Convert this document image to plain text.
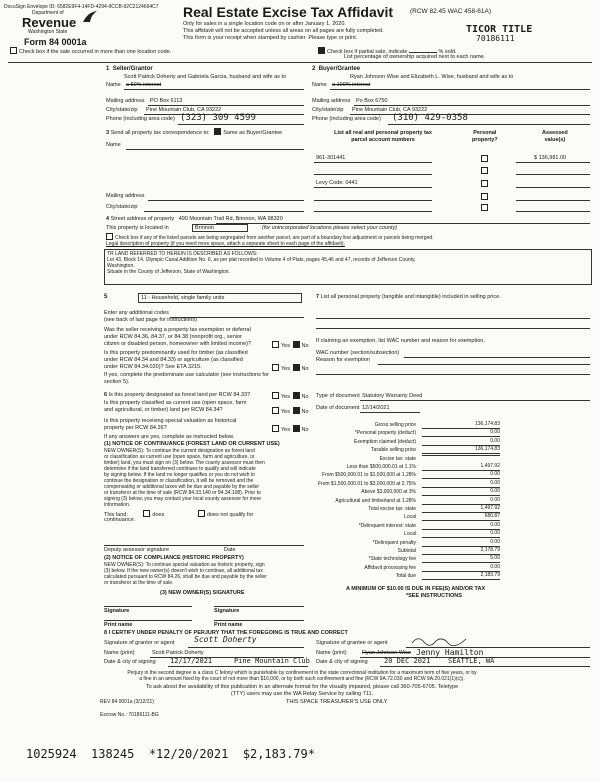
DocuSign Envelope ID: 6582E9F4-14FD-4294-9CCB-92C2124664C7
Department of
Revenue
Washington State
Form 84 0001a
Real Estate Excise Tax Affidavit	(RCW 82.45 WAC 458-61A)
Only for sales in a single location code on or after January 1, 2020.
This affidavit will not be accepted unless all areas on all pages are fully completed.
This form is your receipt when stamped by cashier. Please type or print.
TICOR TITLE
70186111
Check box if the sale occurred in more than one location code.	Check box if partial sale, indicate	% sold.
List percentage of ownership acquired next to each name.
1 Seller/Grantor
Scott Patrick Doherty and Gabriela Garcia, husband and wife as to
Name a 50% interest
Mailing address PO Box 6113
City/state/zip Pine Mountain Club, CA 93222
Phone (including area code) (323) 309 4599
2 Buyer/Grantee
Ryan Johnson Wise and Elizabeth L. Wise, husband and wife as to
Name a 100% interest
Mailing address Po Box 6750
City/state/zip Pine Mountain Club, CA 93222
Phone (including area code) (310) 429-0358
3 Send all property tax correspondence to: Same as Buyer/Grantee
Name
Mailing address
City/state/zip
List all real and personal property tax
parcel account numbers
Personal
property?
Assessed
value(s)
961-301441	$ 136,981.00
Levy Code: 0441
4 Street address of property 490 Mountain Trail Rd, Brinnon, WA 98320
This property is located in	Brinnon	(for unincorporated locations please select your county)
Check box if any of the listed parcels are being segregated from another parcel, are part of a boundary line adjustment or parcels being merged.
Legal description of property (if you need more space, attach a separate sheet to each page of the affidavit).
TR LAND REFERRED TO HEREIN IS DESCRIBED AS FOLLOWS:
Lot 43, Block 14, Olympic Canal Addition No. 6, as per plat recorded in Volume 4 of Plats, pages 45,46 and 47, records of Jefferson County,
Washington.
Situate in the County of Jefferson, State of Washington.
5	11 - Household, single family units
Enter any additional codes
(see back of last page for instructions)
Was the seller receiving a property tax exemption or deferral
under RCW 84.36, 84.37, or 84.38 (nonprofit org., senior
citizen or disabled person, homeowner with limited income)?	Yes No
Is this property predominantly used for timber (as classified
under RCW 84.34 and 84.33) or agriculture (as classified
under RCW 84.34.020)? See ETA 3215.	Yes No
If yes, complete the predominate use calculator (see instructions for
section 5).
6 Is this property designated as forest land per RCW 84.33?	Yes No
Is this property classified as current use (open space, farm
and agricultural, or timber) land per RCW 84.34?	Yes No
Is this property receiving special valuation as historical
property per RCW 84.26?	Yes No
If any answers are yes, complete as instructed below.
(1) NOTICE OF CONTINUANCE (FOREST LAND OR CURRENT USE)
NEW OWNER(S): To continue the current designation as forest land
or classification as current use (open space, farm and agriculture, or
timber) land, you must sign on (3) below. The county assessor must then
determine if the land transferred continues to qualify and will indicate
by signing below. If the land no longer qualifies or you do not wish to
continue the designation or classification, it will be removed and the
compensating or additional taxes will be due and payable by the seller
or transferor at the time of sale (RCW 84.33.140 or 84.34.108). Prior to
signing (3) below, you may contact your local county assessor for more
information.
This land:	does	does not qualify for
continuance.
Deputy assessor signature	Date
(2) NOTICE OF COMPLIANCE (HISTORIC PROPERTY)
NEW OWNER(S): To continue special valuation as historic property, sign
(3) below. If the new owner(s) doesn't wish to continue, all additional tax
calculated pursuant to RCW 84.26, shall be due and payable by the seller
or transferor at the time of sale.
(3) NEW OWNER(S) SIGNATURE
Signature	Signature
Print name	Print name
7 List all personal property (tangible and intangible) included in selling price.
If claiming an exemption, list WAC number and reason for exemption.
WAC number (section/subsection)
Reason for exemption
Type of document Statutory Warranty Deed
Date of document 12/14/2021
Gross selling price	136,174.83
*Personal property (deduct)	0.00
Exemption claimed (deduct)	0.00
Taxable selling price	136,174.83
Excise tax: state
Less than $500,000.01 at 1.1%	1,497.92
From $500,000.01 to $1,500,000 at 1.28%	0.00
From $1,500,000.01 to $3,000,000 at 2.75%	0.00
Above $3,000,000 at 3%	0.00
Agricultural and timberland at 1.28%	0.00
Total excise tax: state	1,497.92
Local	680.87
*Delinquent interest: state	0.00
Local	0.00
*Delinquent penalty	0.00
Subtotal	2,178.79
*State technology fee	5.00
Affidavit processing fee	0.00
Total due	2,183.79
A MINIMUM OF $10.00 IS DUE IN FEE(S) AND/OR TAX
*SEE INSTRUCTIONS
8 I CERTIFY UNDER PENALTY OF PERJURY THAT THE FOREGOING IS TRUE AND CORRECT
Signature of grantor or agent Scott Doherty
Name (print)	Scott Patrick Doherty
Date & city of signing 12/17/2021	Pine Mountain Club
Signature of grantee or agent
Name (print)	Ryan Johnson Wise Jenny Hamilton
Date & city of signing 20 DEC 2021	SEATTLE, WA
Perjury in the second degree is a class C felony which is punishable by confinement in the state correctional institution for a maximum term of five years, or by
a fine in an amount fixed by the court of not more than $10,000, or by both such confinement and fine (RCW 9A.72.030 and RCW 9A.20.021(1)(c)).
To ask about the availability of this publication in an alternate format for the visually impaired, please call 360-705-6705. Teletype
(TTY) users may use the WA Relay Service by calling 711.
REV 84 0001a (3/12/21)	THIS SPACE TREASURER'S USE ONLY
Escrow No.: 70186111-BG
1025924  138245  *12/20/2021  $2,183.79*
